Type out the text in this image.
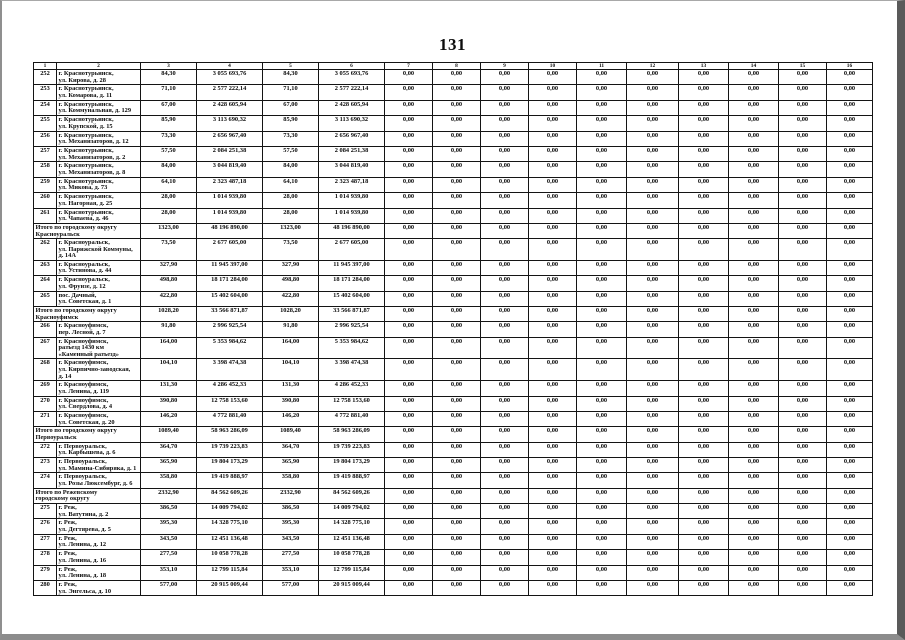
131
1	2	3	4	5	6	7	8	9	10	11	12	13	14	15	16
252	г. Краснотурьинск,
ул. Кирова, д. 28	84,30	3 055 693,76	84,30	3 055 693,76	0,00	0,00	0,00	0,00	0,00	0,00	0,00	0,00	0,00	0,00
253	г. Краснотурьинск,
ул. Комарова, д. 11	71,10	2 577 222,14	71,10	2 577 222,14	0,00	0,00	0,00	0,00	0,00	0,00	0,00	0,00	0,00	0,00
254	г. Краснотурьинск,
ул. Коммунальная, д. 129	67,00	2 428 605,94	67,00	2 428 605,94	0,00	0,00	0,00	0,00	0,00	0,00	0,00	0,00	0,00	0,00
255	г. Краснотурьинск,
ул. Крупской, д. 15	85,90	3 113 690,32	85,90	3 113 690,32	0,00	0,00	0,00	0,00	0,00	0,00	0,00	0,00	0,00	0,00
256	г. Краснотурьинск,
ул. Механизаторов, д. 12	73,30	2 656 967,40	73,30	2 656 967,40	0,00	0,00	0,00	0,00	0,00	0,00	0,00	0,00	0,00	0,00
257	г. Краснотурьинск,
ул. Механизаторов, д. 2	57,50	2 084 251,38	57,50	2 084 251,38	0,00	0,00	0,00	0,00	0,00	0,00	0,00	0,00	0,00	0,00
258	г. Краснотурьинск,
ул. Механизаторов, д. 8	84,00	3 044 819,40	84,00	3 044 819,40	0,00	0,00	0,00	0,00	0,00	0,00	0,00	0,00	0,00	0,00
259	г. Краснотурьинск,
ул. Микова, д. 73	64,10	2 323 487,18	64,10	2 323 487,18	0,00	0,00	0,00	0,00	0,00	0,00	0,00	0,00	0,00	0,00
260	г. Краснотурьинск,
ул. Нагорная, д. 25	28,00	1 014 939,80	28,00	1 014 939,80	0,00	0,00	0,00	0,00	0,00	0,00	0,00	0,00	0,00	0,00
261	г. Краснотурьинск,
ул. Чапаева, д. 46	28,00	1 014 939,80	28,00	1 014 939,80	0,00	0,00	0,00	0,00	0,00	0,00	0,00	0,00	0,00	0,00

Итого по городскому округу
Красноуральск		1323,00	48 196 890,00	1323,00	48 196 890,00	0,00	0,00	0,00	0,00	0,00	0,00	0,00	0,00	0,00	0,00
262	г. Красноуральск,
ул. Парижской Коммуны,
д. 14А	73,50	2 677 605,00	73,50	2 677 605,00	0,00	0,00	0,00	0,00	0,00	0,00	0,00	0,00	0,00	0,00
263	г. Красноуральск,
ул. Устинова, д. 44	327,90	11 945 397,00	327,90	11 945 397,00	0,00	0,00	0,00	0,00	0,00	0,00	0,00	0,00	0,00	0,00
264	г. Красноуральск,
ул. Фрунзе, д. 12	498,80	18 171 284,00	498,80	18 171 284,00	0,00	0,00	0,00	0,00	0,00	0,00	0,00	0,00	0,00	0,00
265	пос. Дачный,
ул. Советская, д. 1	422,80	15 402 604,00	422,80	15 402 604,00	0,00	0,00	0,00	0,00	0,00	0,00	0,00	0,00	0,00	0,00

Итого по городскому округу
Красноуфимск		1028,20	33 566 871,87	1028,20	33 566 871,87	0,00	0,00	0,00	0,00	0,00	0,00	0,00	0,00	0,00	0,00
266	г. Красноуфимск,
пер. Лесной, д. 7	91,80	2 996 925,54	91,80	2 996 925,54	0,00	0,00	0,00	0,00	0,00	0,00	0,00	0,00	0,00	0,00
267	г. Красноуфимск,
разъезд 1430 км
«Каменный разъезд»	164,00	5 353 984,62	164,00	5 353 984,62	0,00	0,00	0,00	0,00	0,00	0,00	0,00	0,00	0,00	0,00
268	г. Красноуфимск,
ул. Кирпично-заводская,
д. 14	104,10	3 398 474,38	104,10	3 398 474,38	0,00	0,00	0,00	0,00	0,00	0,00	0,00	0,00	0,00	0,00
269	г. Красноуфимск,
ул. Ленина, д. 119	131,30	4 286 452,33	131,30	4 286 452,33	0,00	0,00	0,00	0,00	0,00	0,00	0,00	0,00	0,00	0,00
270	г. Красноуфимск,
ул. Свердлова, д. 4	390,80	12 758 153,60	390,80	12 758 153,60	0,00	0,00	0,00	0,00	0,00	0,00	0,00	0,00	0,00	0,00
271	г. Красноуфимск,
ул. Советская, д. 20	146,20	4 772 881,40	146,20	4 772 881,40	0,00	0,00	0,00	0,00	0,00	0,00	0,00	0,00	0,00	0,00

Итого по городскому округу
Первоуральск		1089,40	58 963 286,09	1089,40	58 963 286,09	0,00	0,00	0,00	0,00	0,00	0,00	0,00	0,00	0,00	0,00
272	г. Первоуральск,
ул. Карбышева, д. 6	364,70	19 739 223,83	364,70	19 739 223,83	0,00	0,00	0,00	0,00	0,00	0,00	0,00	0,00	0,00	0,00
273	г. Первоуральск,
ул. Мамина-Сибиряка, д. 1	365,90	19 804 173,29	365,90	19 804 173,29	0,00	0,00	0,00	0,00	0,00	0,00	0,00	0,00	0,00	0,00
274	г. Первоуральск,
ул. Розы Люксембург, д. 6	358,80	19 419 888,97	358,80	19 419 888,97	0,00	0,00	0,00	0,00	0,00	0,00	0,00	0,00	0,00	0,00

Итого по Режевскому
городскому округу		2332,90	84 562 609,26	2332,90	84 562 609,26	0,00	0,00	0,00	0,00	0,00	0,00	0,00	0,00	0,00	0,00
275	г. Реж,
ул. Ватутина, д. 2	386,50	14 009 794,02	386,50	14 009 794,02	0,00	0,00	0,00	0,00	0,00	0,00	0,00	0,00	0,00	0,00
276	г. Реж,
ул. Дегтярева, д. 5	395,30	14 328 775,10	395,30	14 328 775,10	0,00	0,00	0,00	0,00	0,00	0,00	0,00	0,00	0,00	0,00
277	г. Реж,
ул. Ленина, д. 12	343,50	12 451 136,48	343,50	12 451 136,48	0,00	0,00	0,00	0,00	0,00	0,00	0,00	0,00	0,00	0,00
278	г. Реж,
ул. Ленина, д. 16	277,50	10 058 778,28	277,50	10 058 778,28	0,00	0,00	0,00	0,00	0,00	0,00	0,00	0,00	0,00	0,00
279	г. Реж,
ул. Ленина, д. 18	353,10	12 799 115,84	353,10	12 799 115,84	0,00	0,00	0,00	0,00	0,00	0,00	0,00	0,00	0,00	0,00
280	г. Реж,
ул. Энгельса, д. 10	577,00	20 915 009,44	577,00	20 915 009,44	0,00	0,00	0,00	0,00	0,00	0,00	0,00	0,00	0,00	0,00
